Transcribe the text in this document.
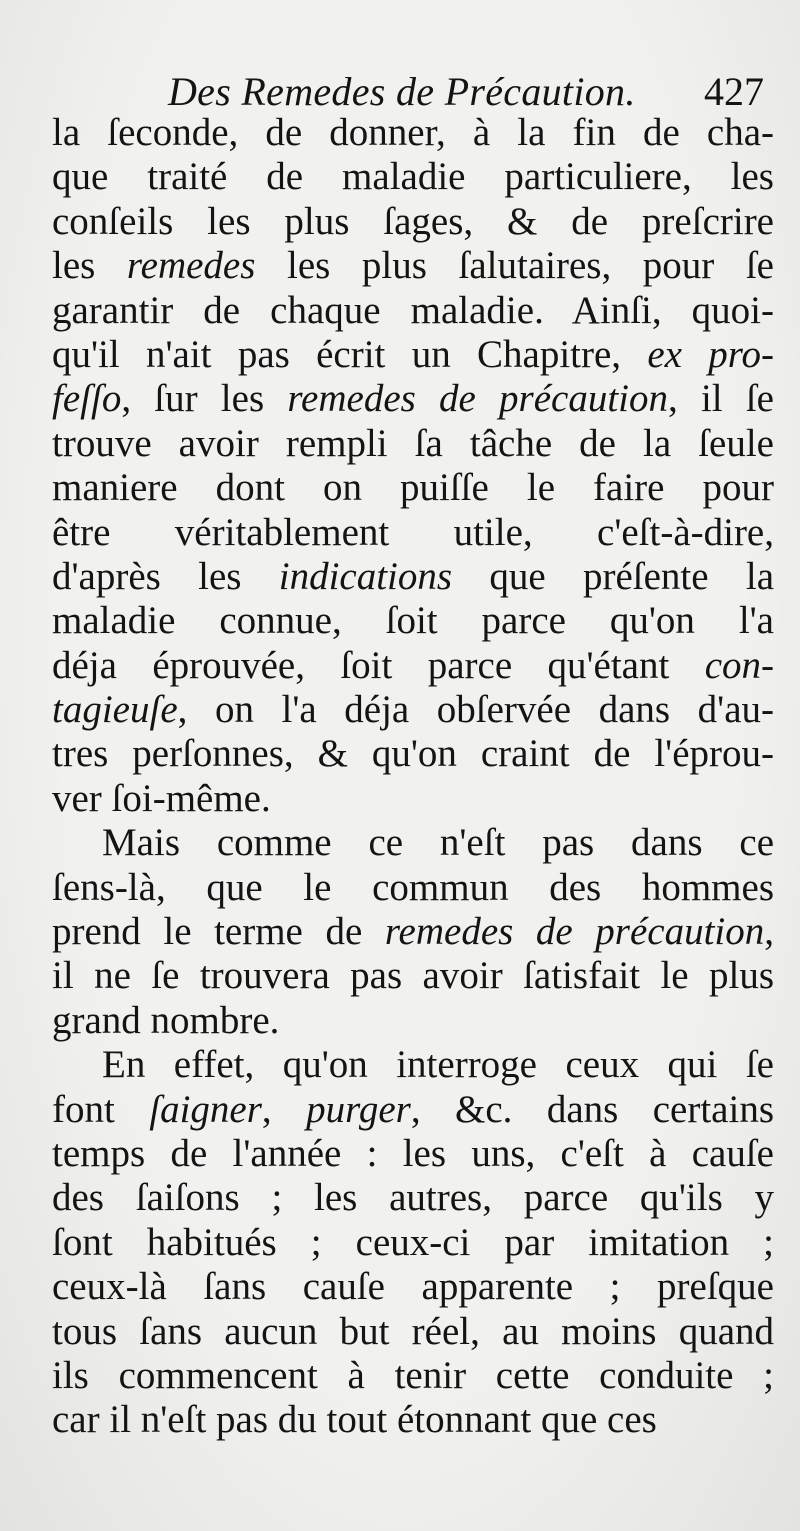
Des Remedes de Précaution. 427
la ſeconde, de donner, à la fin de cha-
que traité de maladie particuliere, les
conſeils les plus ſages, & de preſcrire
les remedes les plus ſalutaires, pour ſe
garantir de chaque maladie. Ainſi, quoi-
qu'il n'ait pas écrit un Chapitre, ex pro-
feſſo, ſur les remedes de précaution, il ſe
trouve avoir rempli ſa tâche de la ſeule
maniere dont on puiſſe le faire pour
être véritablement utile, c'eſt-à-dire,
d'après les indications que préſente la
maladie connue, ſoit parce qu'on l'a
déja éprouvée, ſoit parce qu'étant con-
tagieuſe, on l'a déja obſervée dans d'au-
tres perſonnes, & qu'on craint de l'éprou-
ver ſoi-même.
Mais comme ce n'eſt pas dans ce
ſens-là, que le commun des hommes
prend le terme de remedes de précaution,
il ne ſe trouvera pas avoir ſatisfait le plus
grand nombre.
En effet, qu'on interroge ceux qui ſe
font ſaigner, purger, &c. dans certains
temps de l'année : les uns, c'eſt à cauſe
des ſaiſons ; les autres, parce qu'ils y
ſont habitués ; ceux-ci par imitation ;
ceux-là ſans cauſe apparente ; preſque
tous ſans aucun but réel, au moins quand
ils commencent à tenir cette conduite ;
car il n'eſt pas du tout étonnant que ces
